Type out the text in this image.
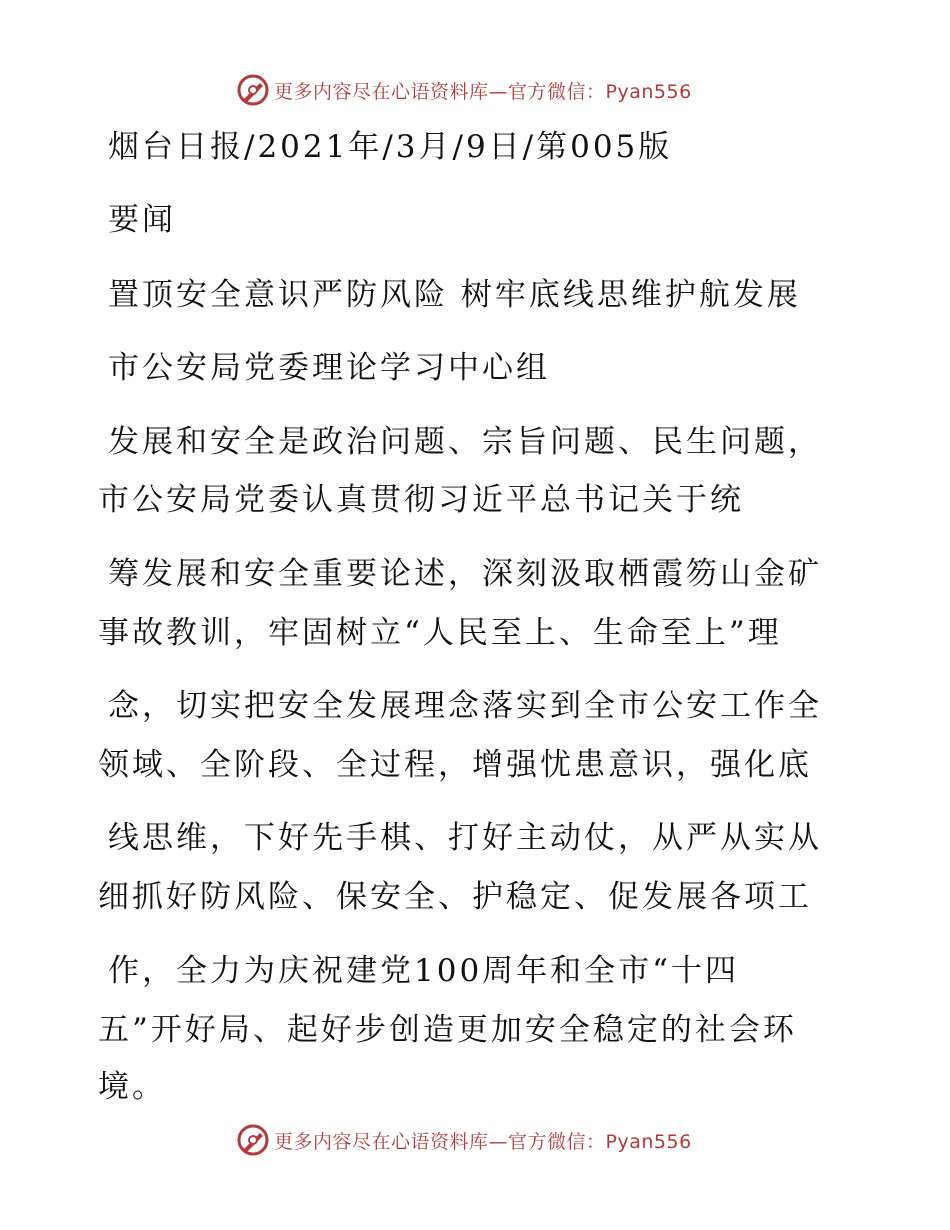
更多内容尽在心语资料库—官方微信：Pyan556

烟台日报/2021年/3月/9日/第005版

要闻

置顶安全意识严防风险 树牢底线思维护航发展

市公安局党委理论学习中心组

发展和安全是政治问题、宗旨问题、民生问题，

市公安局党委认真贯彻习近平总书记关于统

筹发展和安全重要论述，深刻汲取栖霞笏山金矿

事故教训，牢固树立“人民至上、生命至上”理

念，切实把安全发展理念落实到全市公安工作全

领域、全阶段、全过程，增强忧患意识，强化底

线思维，下好先手棋、打好主动仗，从严从实从

细抓好防风险、保安全、护稳定、促发展各项工

作，全力为庆祝建党100周年和全市“十四

五”开好局、起好步创造更加安全稳定的社会环

境。

更多内容尽在心语资料库—官方微信：Pyan556
